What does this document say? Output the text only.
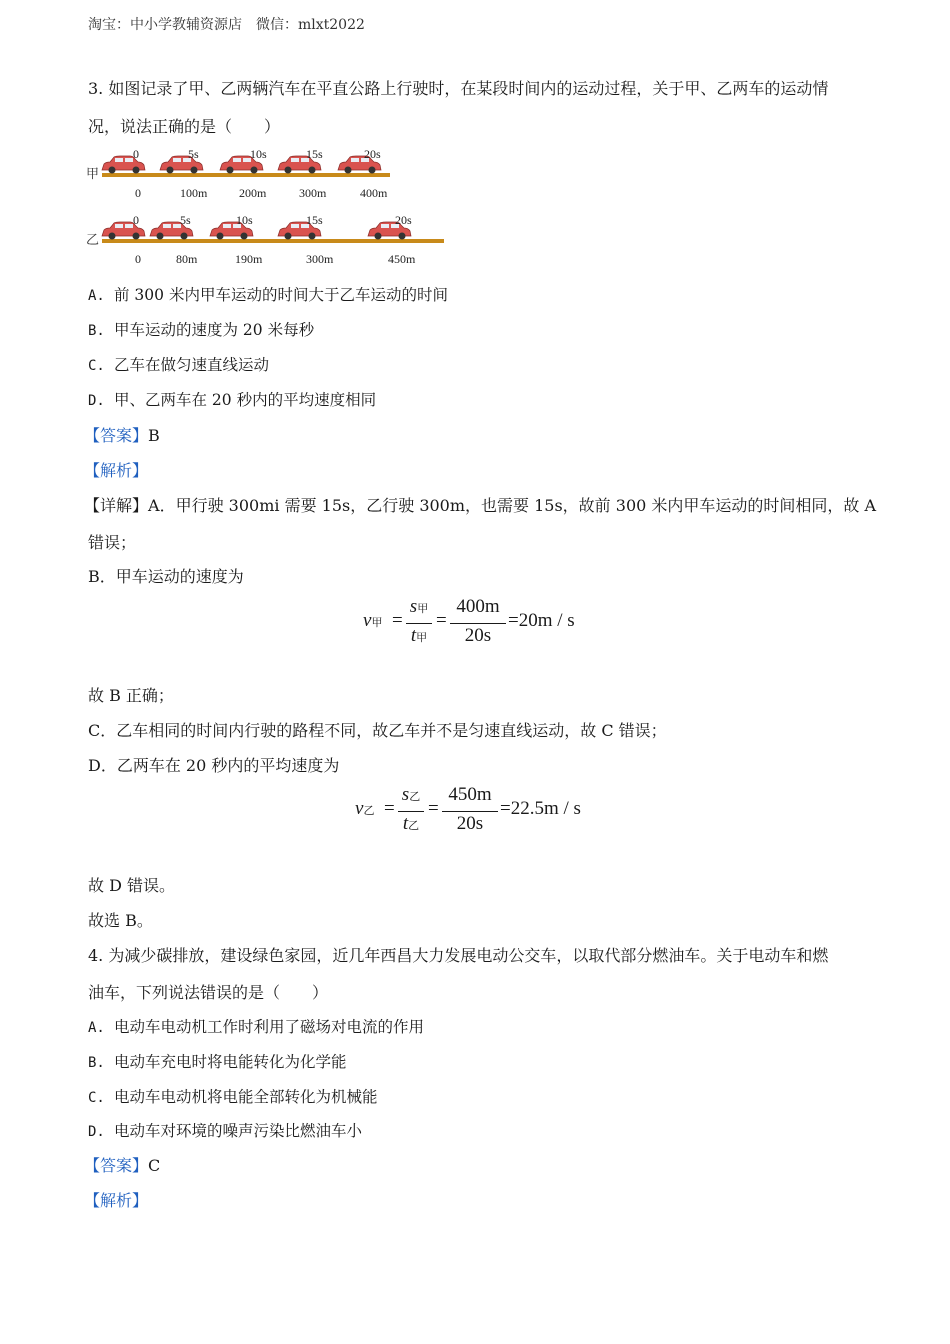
淘宝：中小学教辅资源店　微信：mlxt2022
3. 如图记录了甲、乙两辆汽车在平直公路上行驶时，在某段时间内的运动过程，关于甲、乙两车的运动情
况，说法正确的是（　　）
甲
0	5s	10s	15s	20s
0	100m	200m	300m	400m
乙
0	5s	10s	15s	20s
0	80m	190m	300m	450m
A. 前 300 米内甲车运动的时间大于乙车运动的时间
B. 甲车运动的速度为 20 米每秒
C. 乙车在做匀速直线运动
D. 甲、乙两车在 20 秒内的平均速度相同
【答案】B
【解析】
【详解】A．甲行驶 300mi 需要 15s，乙行驶 300m，也需要 15s，故前 300 米内甲车运动的时间相同，故 A
错误；
B．甲车运动的速度为
v甲 =
s甲
t甲
=
400m
20s
=20m / s
故 B 正确；
C．乙车相同的时间内行驶的路程不同，故乙车并不是匀速直线运动，故 C 错误；
D．乙两车在 20 秒内的平均速度为
v乙 =
s乙
t乙
=
450m
20s
=22.5m / s
故 D 错误。
故选 B。
4. 为减少碳排放，建设绿色家园，近几年西昌大力发展电动公交车，以取代部分燃油车。关于电动车和燃
油车，下列说法错误的是（　　）
A. 电动车电动机工作时利用了磁场对电流的作用
B. 电动车充电时将电能转化为化学能
C. 电动车电动机将电能全部转化为机械能
D. 电动车对环境的噪声污染比燃油车小
【答案】C
【解析】
